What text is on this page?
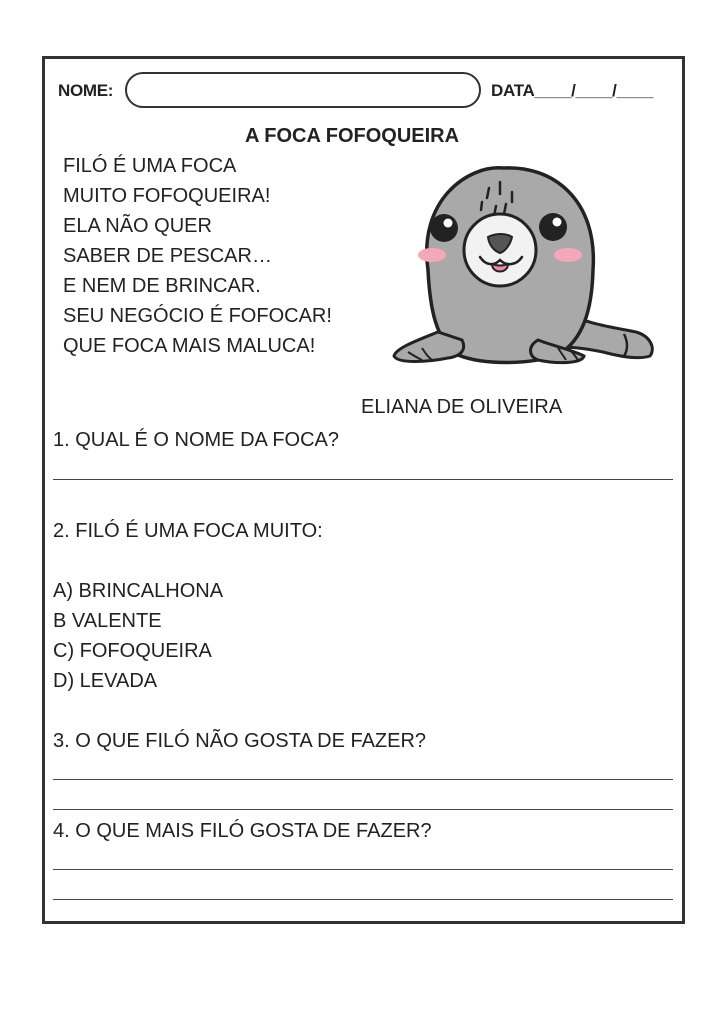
NOME:	DATA____/____/____
A FOCA FOFOQUEIRA
FILÓ É UMA FOCA
MUITO FOFOQUEIRA!
ELA NÃO QUER
SABER DE PESCAR…
E NEM DE BRINCAR.
SEU NEGÓCIO É FOFOCAR!
QUE FOCA MAIS MALUCA!
ELIANA DE OLIVEIRA
1. QUAL É O NOME DA FOCA?
2. FILÓ É UMA FOCA MUITO:
A) BRINCALHONA
B VALENTE
C) FOFOQUEIRA
D) LEVADA
3. O QUE FILÓ NÃO GOSTA DE FAZER?
4. O QUE MAIS FILÓ GOSTA DE FAZER?
